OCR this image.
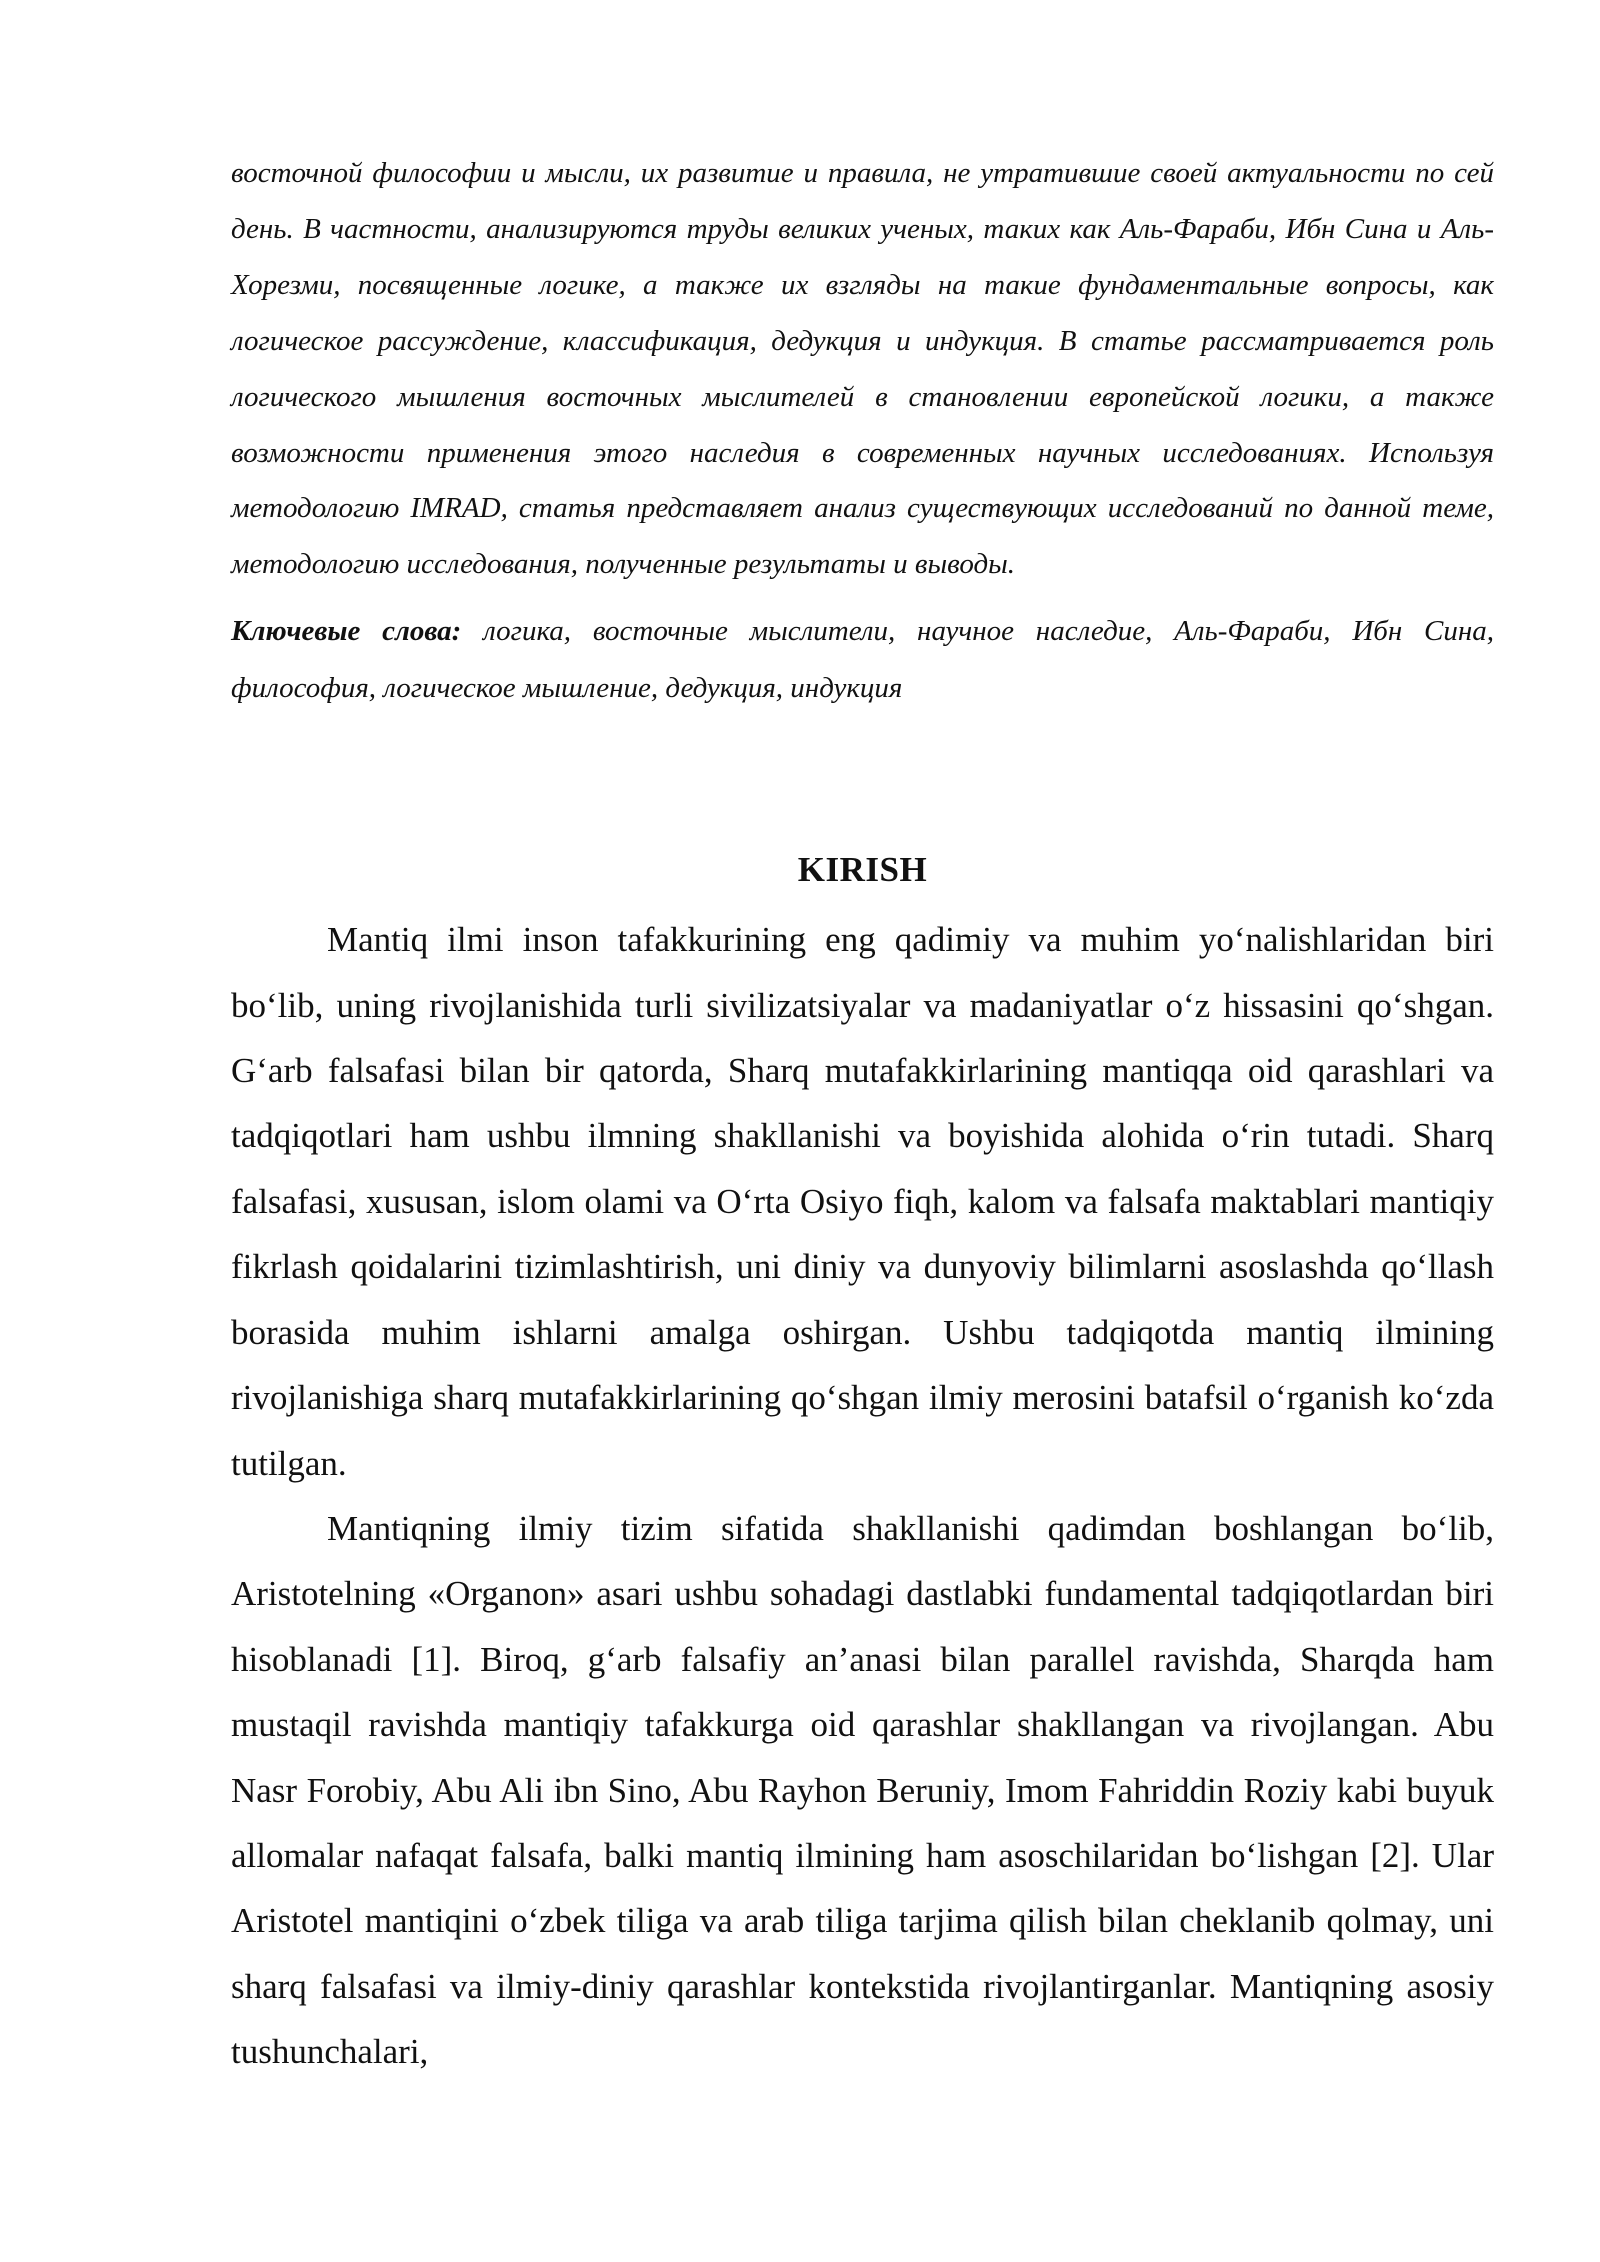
восточной философии и мысли, их развитие и правила, не утратившие своей актуальности по сей день. В частности, анализируются труды великих ученых, таких как Аль-Фараби, Ибн Сина и Аль-Хорезми, посвященные логике, а также их взгляды на такие фундаментальные вопросы, как логическое рассуждение, классификация, дедукция и индукция. В статье рассматривается роль логического мышления восточных мыслителей в становлении европейской логики, а также возможности применения этого наследия в современных научных исследованиях. Используя методологию IMRAD, статья представляет анализ существующих исследований по данной теме, методологию исследования, полученные результаты и выводы.

Ключевые слова: логика, восточные мыслители, научное наследие, Аль-Фараби, Ибн Сина, философия, логическое мышление, дедукция, индукция

KIRISH

Mantiq ilmi inson tafakkurining eng qadimiy va muhim yo‘nalishlaridan biri bo‘lib, uning rivojlanishida turli sivilizatsiyalar va madaniyatlar o‘z hissasini qo‘shgan. G‘arb falsafasi bilan bir qatorda, Sharq mutafakkirlarining mantiqqa oid qarashlari va tadqiqotlari ham ushbu ilmning shakllanishi va boyishida alohida o‘rin tutadi. Sharq falsafasi, xususan, islom olami va O‘rta Osiyo fiqh, kalom va falsafa maktablari mantiqiy fikrlash qoidalarini tizimlashtirish, uni diniy va dunyoviy bilimlarni asoslashda qo‘llash borasida muhim ishlarni amalga oshirgan. Ushbu tadqiqotda mantiq ilmining rivojlanishiga sharq mutafakkirlarining qo‘shgan ilmiy merosini batafsil o‘rganish ko‘zda tutilgan.

Mantiqning ilmiy tizim sifatida shakllanishi qadimdan boshlangan bo‘lib, Aristotelning «Organon» asari ushbu sohadagi dastlabki fundamental tadqiqotlardan biri hisoblanadi [1]. Biroq, g‘arb falsafiy an’anasi bilan parallel ravishda, Sharqda ham mustaqil ravishda mantiqiy tafakkurga oid qarashlar shakllangan va rivojlangan. Abu Nasr Forobiy, Abu Ali ibn Sino, Abu Rayhon Beruniy, Imom Fahriddin Roziy kabi buyuk allomalar nafaqat falsafa, balki mantiq ilmining ham asoschilaridan bo‘lishgan [2]. Ular Aristotel mantiqini o‘zbek tiliga va arab tiliga tarjima qilish bilan cheklanib qolmay, uni sharq falsafasi va ilmiy-diniy qarashlar kontekstida rivojlantirganlar. Mantiqning asosiy tushunchalari,
